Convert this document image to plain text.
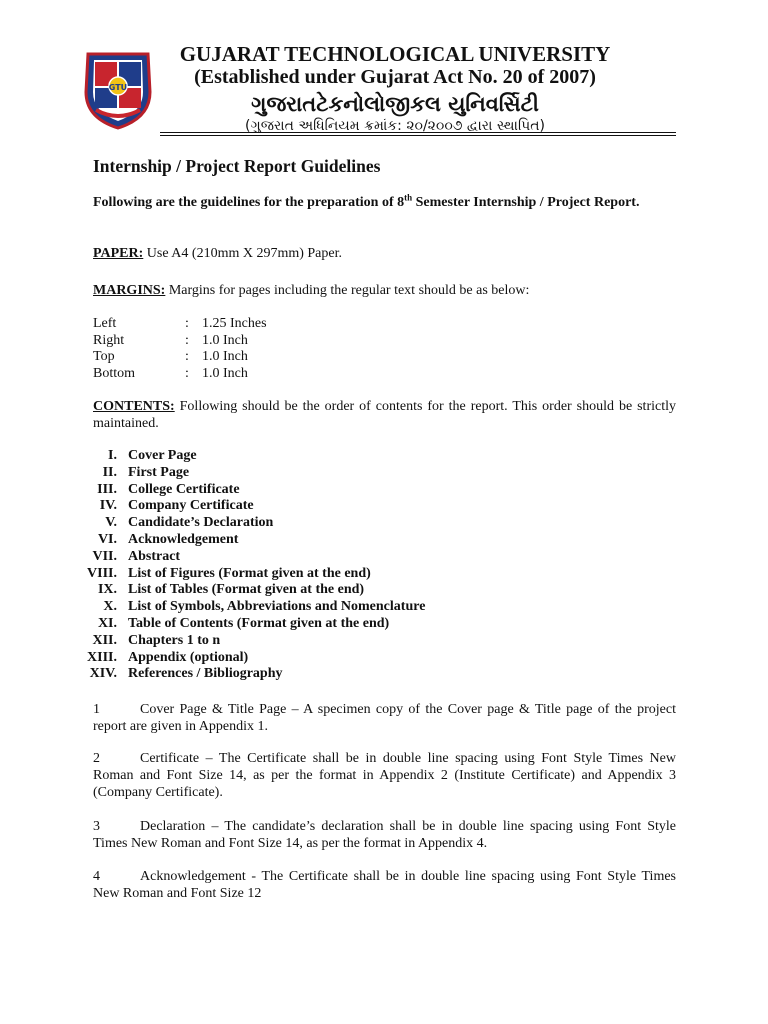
GTU
GUJARAT TECHNOLOGICAL UNIVERSITY
(Established under Gujarat Act No. 20 of 2007)
ગુજરાતટેકનોલોજીકલ યુનિવર્સિટી
(ગુજરાત અધિનિયમ ક્રમાંક: ૨૦/૨૦૦૭ દ્વારા સ્થાપિત)
Internship / Project Report Guidelines
Following are the guidelines for the preparation of 8th Semester Internship / Project Report.
PAPER: Use A4 (210mm X 297mm) Paper.
MARGINS: Margins for pages including the regular text should be as below:
Left	: 1.25 Inches
Right	: 1.0 Inch
Top	: 1.0 Inch
Bottom	: 1.0 Inch
CONTENTS: Following should be the order of contents for the report. This order should be strictly maintained.
I. Cover Page
II. First Page
III. College Certificate
IV. Company Certificate
V. Candidate’s Declaration
VI. Acknowledgement
VII. Abstract
VIII. List of Figures (Format given at the end)
IX. List of Tables (Format given at the end)
X. List of Symbols, Abbreviations and Nomenclature
XI. Table of Contents (Format given at the end)
XII. Chapters 1 to n
XIII. Appendix (optional)
XIV. References / Bibliography
1	Cover Page & Title Page – A specimen copy of the Cover page & Title page of the project report are given in Appendix 1.
2	Certificate – The Certificate shall be in double line spacing using Font Style Times New Roman and Font Size 14, as per the format in Appendix 2 (Institute Certificate) and Appendix 3 (Company Certificate).
3	Declaration – The candidate’s declaration shall be in double line spacing using Font Style Times New Roman and Font Size 14, as per the format in Appendix 4.
4	Acknowledgement - The Certificate shall be in double line spacing using Font Style Times New Roman and Font Size 12
